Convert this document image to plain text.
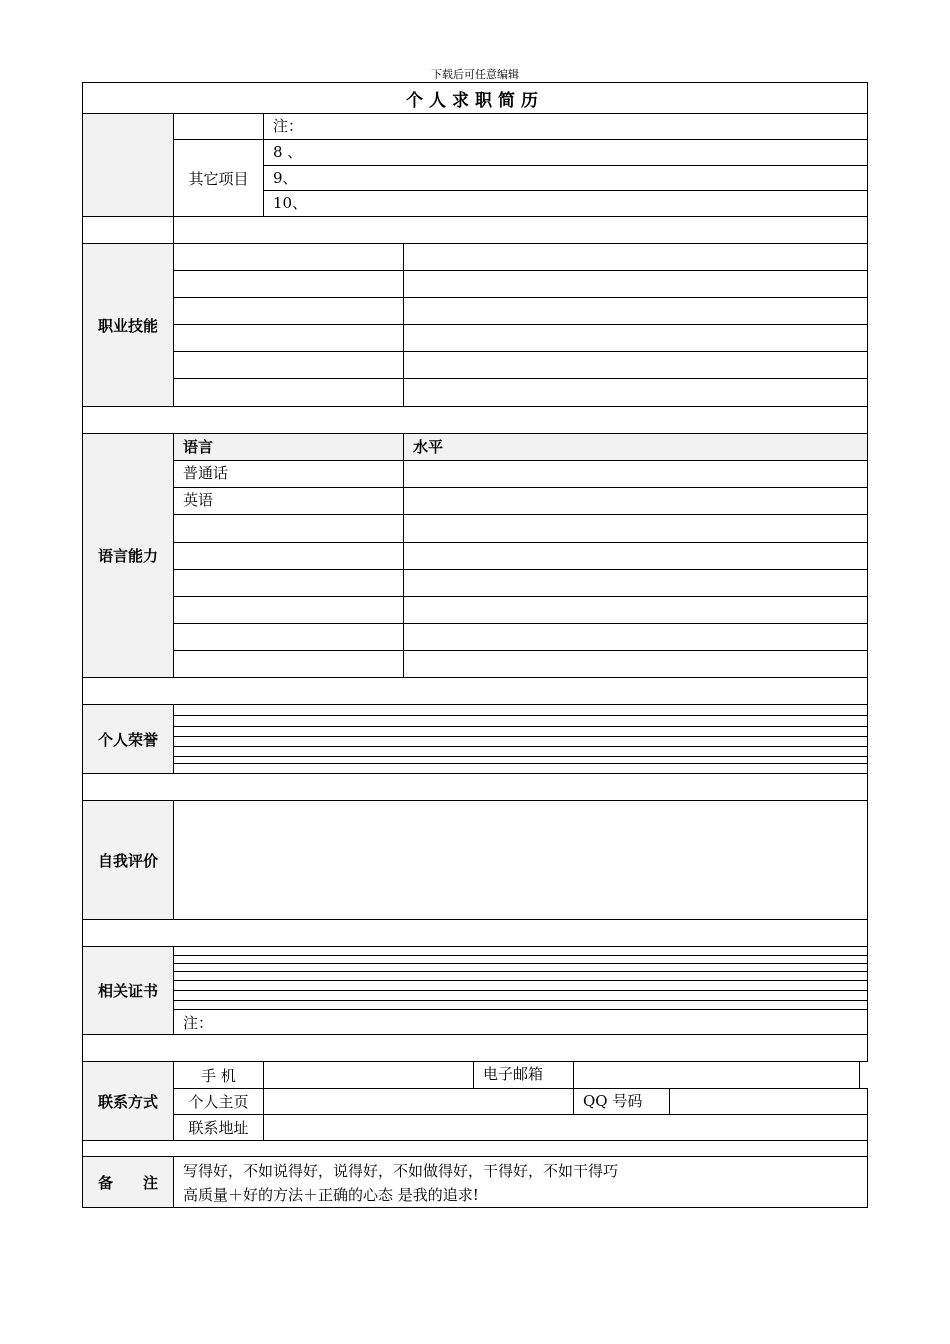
下载后可任意编辑
个人求职简历
其它项目
注：
8 、
9、
10、
职业技能
语言能力
语言	水平
普通话
英语
个人荣誉
自我评价
相关证书
注：
联系方式
手 机	电子邮箱
个人主页	QQ 号码
联系地址
备　　注
写得好，不如说得好，说得好，不如做得好，干得好，不如干得巧
高质量＋好的方法＋正确的心态 是我的追求!
